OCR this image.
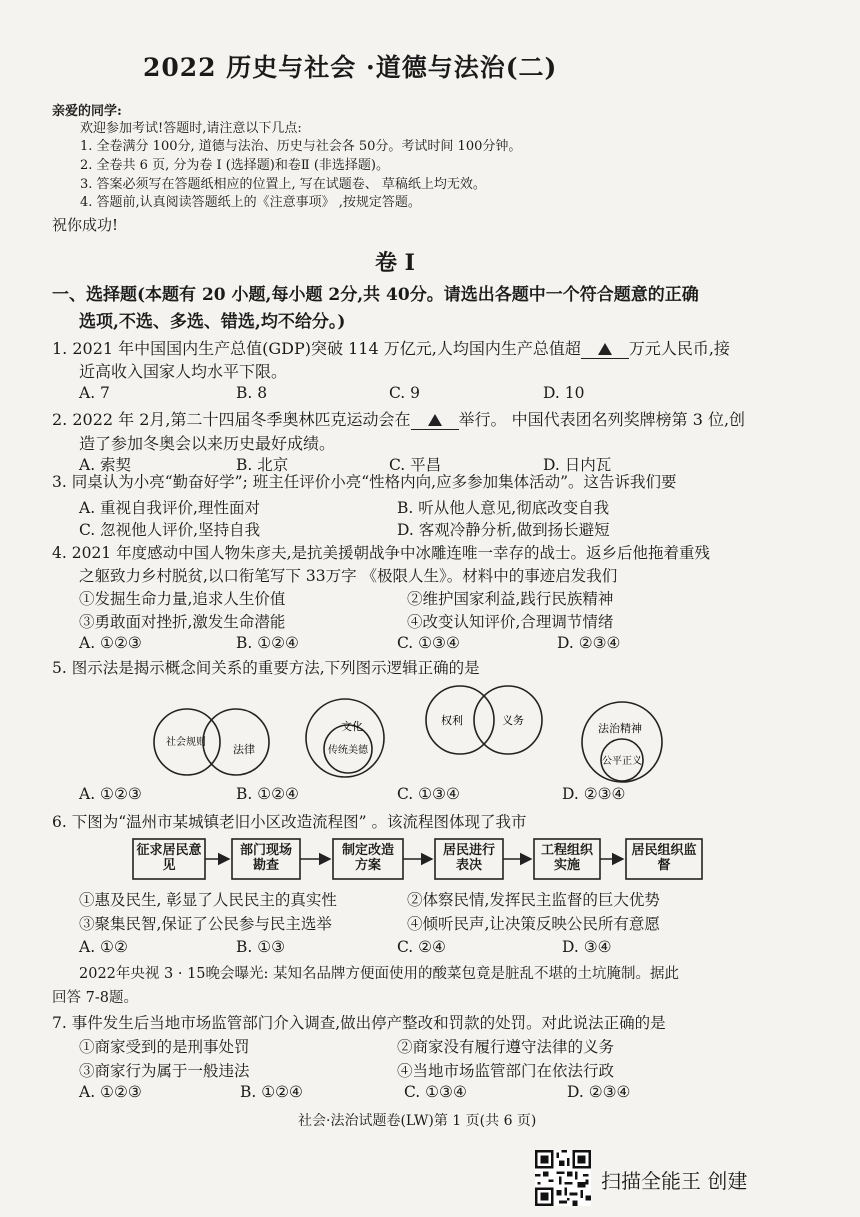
2022 历史与社会 ·道德与法治(二)
亲爱的同学:
欢迎参加考试!答题时,请注意以下几点:
1. 全卷满分 100分, 道德与法治、历史与社会各 50分。考试时间 100分钟。
2. 全卷共 6 页, 分为卷 Ⅰ (选择题)和卷Ⅱ (非选择题)。
3. 答案必须写在答题纸相应的位置上, 写在试题卷、 草稿纸上均无效。
4. 答题前,认真阅读答题纸上的《注意事项》 ,按规定答题。
祝你成功!
卷 Ⅰ
一、选择题(本题有 20 小题,每小题 2分,共 40分。请选出各题中一个符合题意的正确
选项,不选、多选、错选,均不给分。)
1. 2021 年中国国内生产总值(GDP)突破 114 万亿元,人均国内生产总值超	万元人民币,接
近高收入国家人均水平下限。
A. 7	B. 8	C. 9	D. 10
2. 2022 年 2月,第二十四届冬季奥林匹克运动会在	举行。 中国代表团名列奖牌榜第 3 位,创
造了参加冬奥会以来历史最好成绩。
A. 索契	B. 北京	C. 平昌	D. 日内瓦
3. 同桌认为小亮“勤奋好学”; 班主任评价小亮“性格内向,应多参加集体活动”。这告诉我们要
A. 重视自我评价,理性面对	B. 听从他人意见,彻底改变自我
C. 忽视他人评价,坚持自我	D. 客观冷静分析,做到扬长避短
4. 2021 年度感动中国人物朱彦夫,是抗美援朝战争中冰雕连唯一幸存的战士。返乡后他拖着重残
之躯致力乡村脱贫,以口衔笔写下 33万字 《极限人生》。材料中的事迹启发我们
①发掘生命力量,追求人生价值	②维护国家利益,践行民族精神
③勇敢面对挫折,激发生命潜能	④改变认知评价,合理调节情绪
A. ①②③	B. ①②④	C. ①③④	D. ②③④
5. 图示法是揭示概念间关系的重要方法,下列图示逻辑正确的是
社会规则
法律
文化
传统美德
权利	义务
法治精神
公平正义
A. ①②③	B. ①②④	C. ①③④	D. ②③④
6. 下图为“温州市某城镇老旧小区改造流程图” 。该流程图体现了我市
征求居民意见
部门现场勘查
制定改造方案
居民进行表决
工程组织实施
居民组织监督
①惠及民生, 彰显了人民民主的真实性	②体察民情,发挥民主监督的巨大优势
③聚集民智,保证了公民参与民主选举	④倾听民声,让决策反映公民所有意愿
A. ①②	B. ①③	C. ②④	D. ③④
2022年央视 3 · 15晚会曝光: 某知名品牌方便面使用的酸菜包竟是脏乱不堪的土坑腌制。据此
回答 7-8题。
7. 事件发生后当地市场监管部门介入调查,做出停产整改和罚款的处罚。对此说法正确的是
①商家受到的是刑事处罚	②商家没有履行遵守法律的义务
③商家行为属于一般违法	④当地市场监管部门在依法行政
A. ①②③	B. ①②④	C. ①③④	D. ②③④
社会·法治试题卷(LW)第 1 页(共 6 页)
扫描全能王 创建
